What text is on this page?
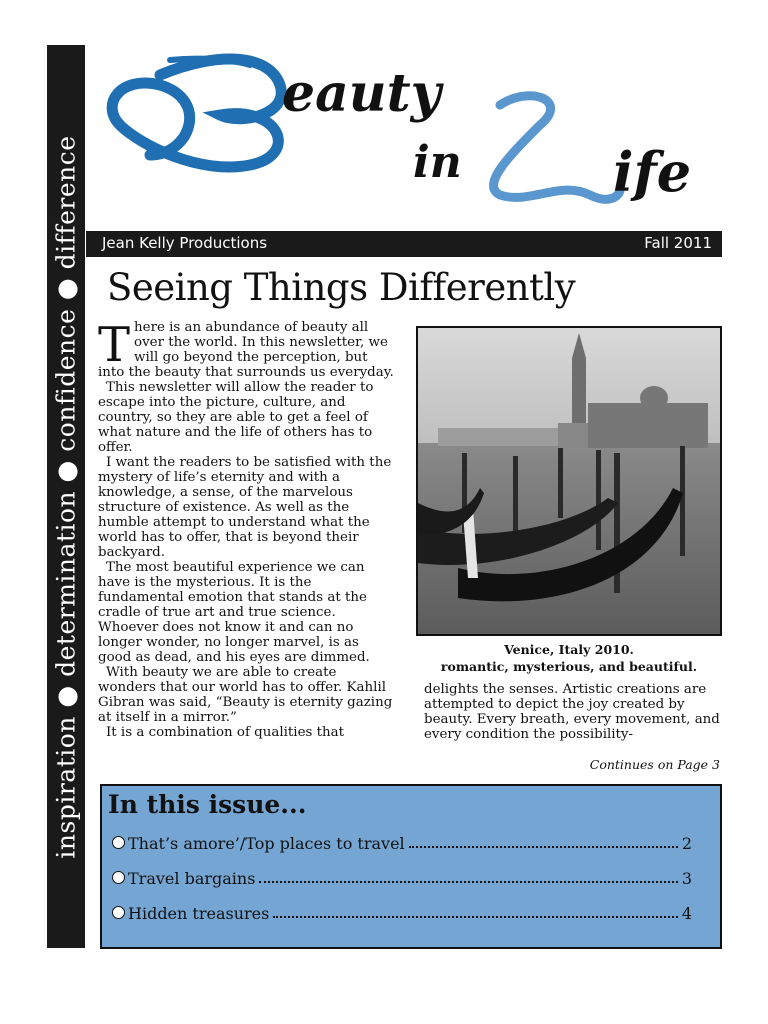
inspiration ● determination ● confidence ● difference
eauty
in	ife
Jean Kelly Productions	Fall 2011
Seeing Things Differently

There is an abundance of beauty all over the world. In this newsletter, we will go beyond the perception, but into the beauty that surrounds us everyday.

This newsletter will allow the reader to escape into the picture, culture, and country, so they are able to get a feel of what nature and the life of others has to offer.

I want the readers to be satisfied with the mystery of life’s eternity and with a knowledge, a sense, of the marvelous structure of existence. As well as the humble attempt to understand what the world has to offer, that is beyond their backyard.

The most beautiful experience we can have is the mysterious. It is the fundamental emotion that stands at the cradle of true art and true science. Whoever does not know it and can no longer wonder, no longer marvel, is as good as dead, and his eyes are dimmed.

With beauty we are able to create wonders that our world has to offer. Kahlil Gibran was said, “Beauty is eternity gazing at itself in a mirror.”

It is a combination of qualities that

Venice, Italy 2010.
romantic, mysterious, and beautiful.
delights the senses. Artistic creations are attempted to depict the joy created by beauty. Every breath, every movement, and every condition the possibility-
Continues on Page 3
In this issue...
That’s amore’/Top places to travel	2
Travel bargains	3
Hidden treasures	4
